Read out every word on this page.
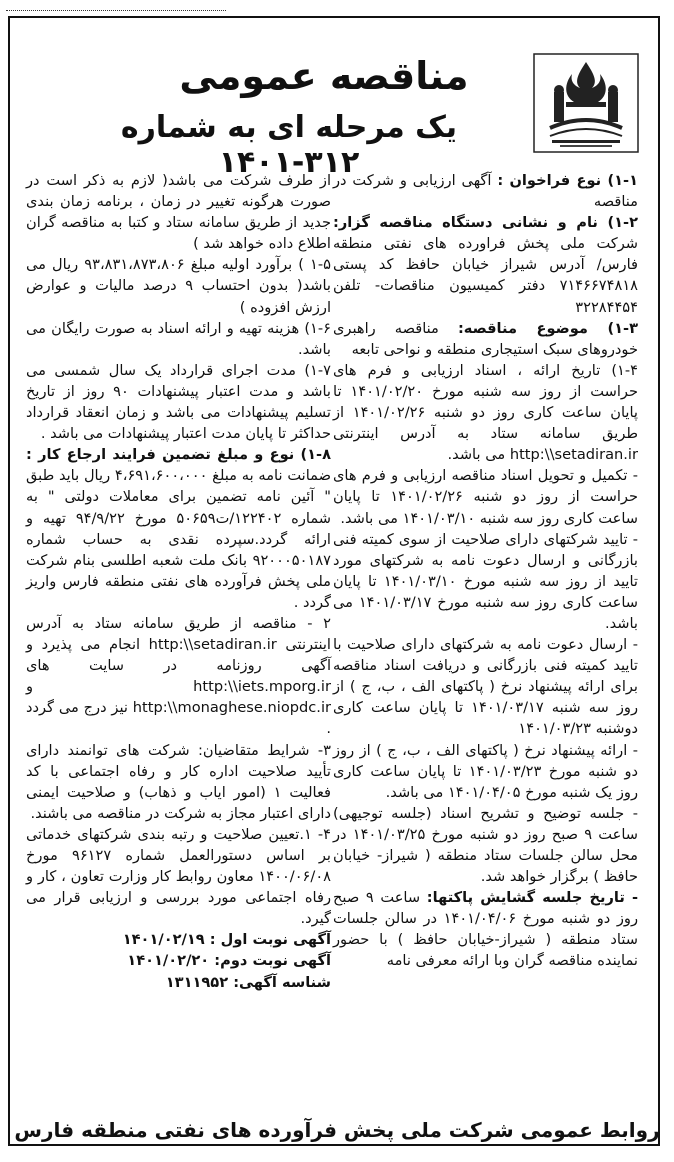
مناقصه عمومی
یک مرحله ای به شماره ۳۱۲-۱۴۰۱

۱-۱) نوع فراخوان : آگهی ارزیابی و شرکت در مناقصه

۱-۲) نام و نشانی دستگاه مناقصه گزار: شرکت ملی پخش فراورده های نفتی منطقه فارس/ آدرس شیراز خیابان حافظ کد پستی ۷۱۴۶۶۷۴۸۱۸ دفتر کمیسیون مناقصات- تلفن ۳۲۲۸۴۴۵۴

۱-۳) موضوع مناقصه: مناقصه راهبری خودروهای سبک استیجاری منطقه و نواحی تابعه

۱-۴) تاریخ ارائه ، اسناد ارزیابی و فرم های حراست از روز سه شنبه مورخ ۱۴۰۱/۰۲/۲۰ تا پایان ساعت کاری روز دو شنبه ۱۴۰۱/۰۲/۲۶ از طریق سامانه ستاد به آدرس اینترنتی http:\\setadiran.ir می باشد.

- تکمیل و تحویل اسناد مناقصه ارزیابی و فرم های حراست از روز دو شنبه ۱۴۰۱/۰۲/۲۶ تا پایان ساعت کاری روز سه شنبه ۱۴۰۱/۰۳/۱۰ می باشد.

- تایید شرکتهای دارای صلاحیت از سوی کمیته فنی بازرگانی و ارسال دعوت نامه به شرکتهای مورد تایید از روز سه شنبه مورخ ۱۴۰۱/۰۳/۱۰ تا پایان ساعت کاری روز سه شنبه مورخ ۱۴۰۱/۰۳/۱۷ می باشد.

- ارسال دعوت نامه به شرکتهای دارای صلاحیت با تایید کمیته فنی بازرگانی و دریافت اسناد مناقصه برای ارائه پیشنهاد نرخ ( پاکتهای الف ، ب، ج ) از روز سه شنبه ۱۴۰۱/۰۳/۱۷ تا پایان ساعت کاری دوشنبه ۱۴۰۱/۰۳/۲۳

- ارائه پیشنهاد نرخ ( پاکتهای الف ، ب، ج ) از روز دو شنبه مورخ ۱۴۰۱/۰۳/۲۳ تا پایان ساعت کاری روز یک شنبه مورخ ۱۴۰۱/۰۴/۰۵ می باشد.

- جلسه توضیح و تشریح اسناد (جلسه توجیهی) ساعت ۹ صبح روز دو شنبه مورخ ۱۴۰۱/۰۳/۲۵ در محل سالن جلسات ستاد منطقه ( شیراز- خیابان حافظ ) برگزار خواهد شد.

- تاریخ جلسه گشایش پاکتها: ساعت ۹ صبح روز دو شنبه مورخ ۱۴۰۱/۰۴/۰۶ در سالن جلسات ستاد منطقه ( شیراز-خیابان حافظ ) با حضور نماینده مناقصه گران وبا ارائه معرفی نامه

از طرف شرکت می باشد( لازم به ذکر است در صورت هرگونه تغییر در زمان ، برنامه زمان بندی جدید از طریق سامانه ستاد و کتبا به مناقصه گران اطلاع داده خواهد شد )

۱-۵ ) برآورد اولیه مبلغ ۹۳،۸۳۱،۸۷۳،۸۰۶ ریال می باشد( بدون احتساب ۹ درصد مالیات و عوارض ارزش افزوده )

۱-۶) هزینه تهیه و ارائه اسناد به صورت رایگان می باشد.

۱-۷) مدت اجرای قرارداد یک سال شمسی می باشد و مدت اعتبار پیشنهادات ۹۰ روز از تاریخ تسلیم پیشنهادات می باشد و زمان انعقاد قرارداد حداکثر تا پایان مدت اعتبار پیشنهادات می باشد .

۱-۸) نوع و مبلغ تضمین فرایند ارجاع کار : ضمانت نامه به مبلغ ۴،۶۹۱،۶۰۰،۰۰۰ ریال باید طبق " آئین نامه تضمین برای معاملات دولتی " به شماره ۱۲۲۴۰۲/ت۵۰۶۵۹ مورخ ۹۴/۹/۲۲ تهیه و ارائه گردد.سپرده نقدی به حساب شماره ۹۲۰۰۰۵۰۱۸۷ بانک ملت شعبه اطلسی بنام شرکت ملی پخش فرآورده های نفتی منطقه فارس واریز گردد .

۲ - مناقصه از طریق سامانه ستاد به آدرس اینترنتی http:\\setadiran.ir انجام می پذیرد و آگهی روزنامه در سایت های http:\\iets.mporg.ir و http:\\monaghese.niopdc.ir نیز درج می گردد .

۳- شرایط متقاضیان: شرکت های توانمند دارای تأیید صلاحیت اداره کار و رفاه اجتماعی با کد فعالیت ۱ (امور ایاب و ذهاب) و صلاحیت ایمنی دارای اعتبار مجاز به شرکت در مناقصه می باشند.

۴- ۱.تعیین صلاحیت و رتبه بندی شرکتهای خدماتی بر اساس دستورالعمل شماره ۹۶۱۲۷ مورخ ۱۴۰۰/۰۶/۰۸ معاون روابط کار وزارت تعاون ، کار و رفاه اجتماعی مورد بررسی و ارزیابی قرار می گیرد.

آگهی نوبت اول : ۱۴۰۱/۰۲/۱۹

آگهی نوبت دوم: ۱۴۰۱/۰۲/۲۰

شناسه آگهی: ۱۳۱۱۹۵۲

روابط عمومی شرکت ملی پخش فرآورده های نفتی منطقه فارس
